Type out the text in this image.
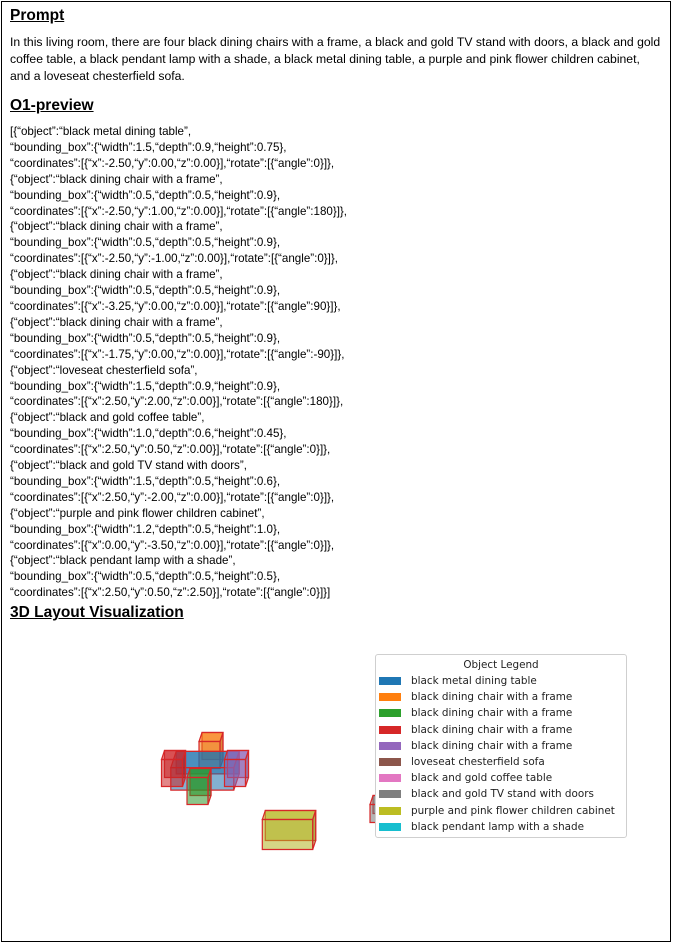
Prompt
In this living room, there are four black dining chairs with a frame, a black and gold TV stand with doors, a black and gold coffee table, a black pendant lamp with a shade, a black metal dining table, a purple and pink flower children cabinet, and a loveseat chesterfield sofa.
O1-preview
[{“object”:“black metal dining table”,
“bounding_box”:{“width”:1.5,“depth”:0.9,“height”:0.75},
“coordinates”:[{“x”:-2.50,“y”:0.00,“z”:0.00}],“rotate”:[{“angle”:0}]},
{“object”:“black dining chair with a frame”,
“bounding_box”:{“width”:0.5,“depth”:0.5,“height”:0.9},
“coordinates”:[{“x”:-2.50,“y”:1.00,“z”:0.00}],“rotate”:[{“angle”:180}]},
{“object”:“black dining chair with a frame”,
“bounding_box”:{“width”:0.5,“depth”:0.5,“height”:0.9},
“coordinates”:[{“x”:-2.50,“y”:-1.00,“z”:0.00}],“rotate”:[{“angle”:0}]},
{“object”:“black dining chair with a frame”,
“bounding_box”:{“width”:0.5,“depth”:0.5,“height”:0.9},
“coordinates”:[{“x”:-3.25,“y”:0.00,“z”:0.00}],“rotate”:[{“angle”:90}]},
{“object”:“black dining chair with a frame”,
“bounding_box”:{“width”:0.5,“depth”:0.5,“height”:0.9},
“coordinates”:[{“x”:-1.75,“y”:0.00,“z”:0.00}],“rotate”:[{“angle”:-90}]},
{“object”:“loveseat chesterfield sofa”,
“bounding_box”:{“width”:1.5,“depth”:0.9,“height”:0.9},
“coordinates”:[{“x”:2.50,“y”:2.00,“z”:0.00}],“rotate”:[{“angle”:180}]},
{“object”:“black and gold coffee table”,
“bounding_box”:{“width”:1.0,“depth”:0.6,“height”:0.45},
“coordinates”:[{“x”:2.50,“y”:0.50,“z”:0.00}],“rotate”:[{“angle”:0}]},
{“object”:“black and gold TV stand with doors”,
“bounding_box”:{“width”:1.5,“depth”:0.5,“height”:0.6},
“coordinates”:[{“x”:2.50,“y”:-2.00,“z”:0.00}],“rotate”:[{“angle”:0}]},
{“object”:“purple and pink flower children cabinet”,
“bounding_box”:{“width”:1.2,“depth”:0.5,“height”:1.0},
“coordinates”:[{“x”:0.00,“y”:-3.50,“z”:0.00}],“rotate”:[{“angle”:0}]},
{“object”:“black pendant lamp with a shade”,
“bounding_box”:{“width”:0.5,“depth”:0.5,“height”:0.5},
“coordinates”:[{“x”:2.50,“y”:0.50,“z”:2.50}],“rotate”:[{“angle”:0}]}]
3D Layout Visualization
Object Legend
black metal dining table
black dining chair with a frame
black dining chair with a frame
black dining chair with a frame
black dining chair with a frame
loveseat chesterfield sofa
black and gold coffee table
black and gold TV stand with doors
purple and pink flower children cabinet
black pendant lamp with a shade
